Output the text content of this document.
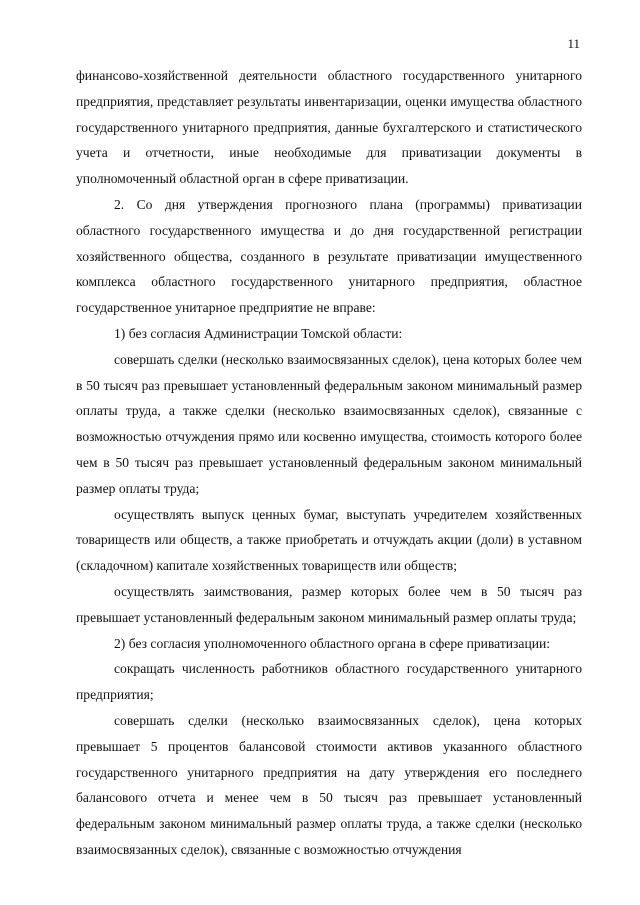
11

финансово-хозяйственной деятельности областного государственного унитарного предприятия, представляет результаты инвентаризации, оценки имущества областного государственного унитарного предприятия, данные бухгалтерского и статистического учета и отчетности, иные необходимые для приватизации документы в уполномоченный областной орган в сфере приватизации.

2. Со дня утверждения прогнозного плана (программы) приватизации областного государственного имущества и до дня государственной регистрации хозяйственного общества, созданного в результате приватизации имущественного комплекса областного государственного унитарного предприятия, областное государственное унитарное предприятие не вправе:

1) без согласия Администрации Томской области:

совершать сделки (несколько взаимосвязанных сделок), цена которых более чем в 50 тысяч раз превышает установленный федеральным законом минимальный размер оплаты труда, а также сделки (несколько взаимосвязанных сделок), связанные с возможностью отчуждения прямо или косвенно имущества, стоимость которого более чем в 50 тысяч раз превышает установленный федеральным законом минимальный размер оплаты труда;

осуществлять выпуск ценных бумаг, выступать учредителем хозяйственных товариществ или обществ, а также приобретать и отчуждать акции (доли) в уставном (складочном) капитале хозяйственных товариществ или обществ;

осуществлять заимствования, размер которых более чем в 50 тысяч раз превышает установленный федеральным законом минимальный размер оплаты труда;

2) без согласия уполномоченного областного органа в сфере приватизации:

сокращать численность работников областного государственного унитарного предприятия;

совершать сделки (несколько взаимосвязанных сделок), цена которых превышает 5 процентов балансовой стоимости активов указанного областного государственного унитарного предприятия на дату утверждения его последнего балансового отчета и менее чем в 50 тысяч раз превышает установленный федеральным законом минимальный размер оплаты труда, а также сделки (несколько взаимосвязанных сделок), связанные с возможностью отчуждения
